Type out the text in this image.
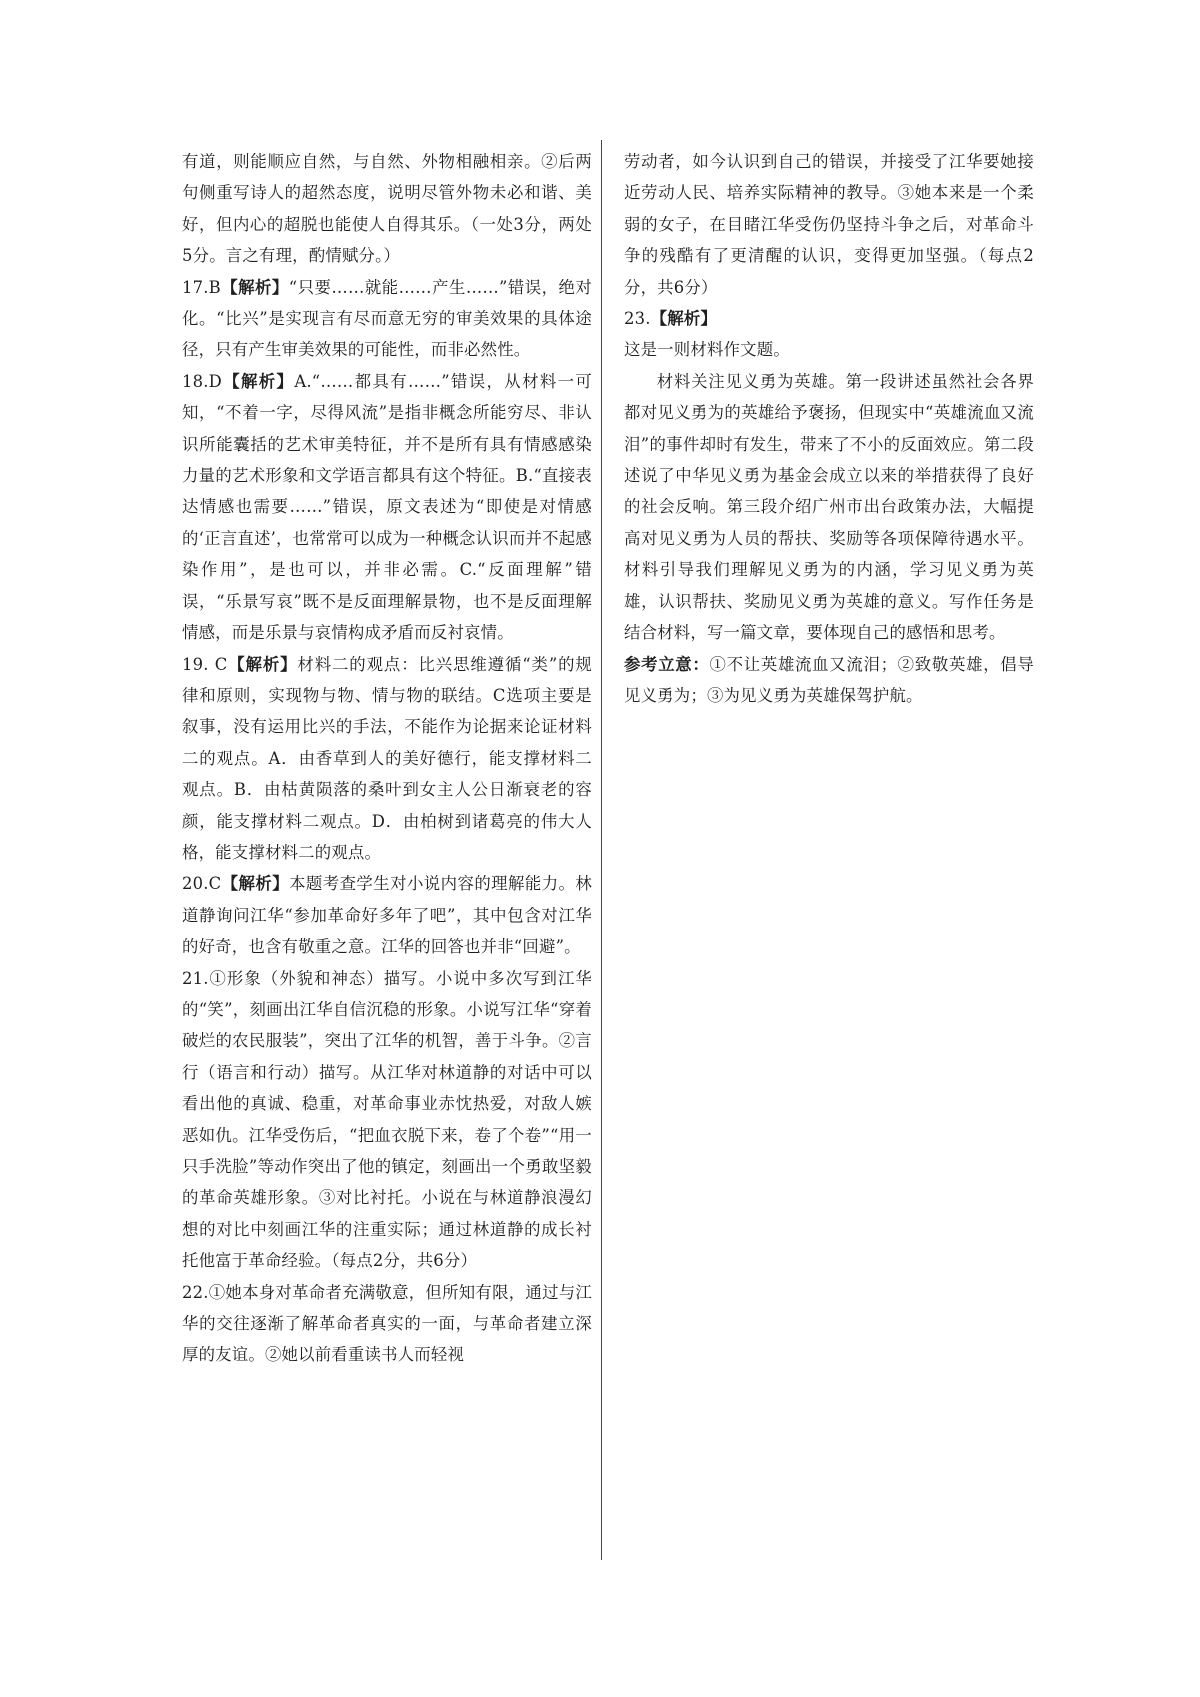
有道，则能顺应自然，与自然、外物相融相亲。②后两句侧重写诗人的超然态度，说明尽管外物未必和谐、美好，但内心的超脱也能使人自得其乐。（一处3分，两处5分。言之有理，酌情赋分。）

17.B【解析】“只要……就能……产生……”错误，绝对化。“比兴”是实现言有尽而意无穷的审美效果的具体途径，只有产生审美效果的可能性，而非必然性。

18.D【解析】A.“……都具有……”错误，从材料一可知，“不着一字，尽得风流”是指非概念所能穷尽、非认识所能囊括的艺术审美特征，并不是所有具有情感感染力量的艺术形象和文学语言都具有这个特征。B.“直接表达情感也需要……”错误，原文表述为“即使是对情感的‘正言直述’，也常常可以成为一种概念认识而并不起感染作用”，是也可以，并非必需。C.“反面理解”错误，“乐景写哀”既不是反面理解景物，也不是反面理解情感，而是乐景与哀情构成矛盾而反衬哀情。

19. C【解析】材料二的观点：比兴思维遵循“类”的规律和原则，实现物与物、情与物的联结。C选项主要是叙事，没有运用比兴的手法，不能作为论据来论证材料二的观点。A．由香草到人的美好德行，能支撑材料二观点。B．由枯黄陨落的桑叶到女主人公日渐衰老的容颜，能支撑材料二观点。D．由柏树到诸葛亮的伟大人格，能支撑材料二的观点。

20.C【解析】本题考查学生对小说内容的理解能力。林道静询问江华“参加革命好多年了吧”，其中包含对江华的好奇，也含有敬重之意。江华的回答也并非“回避”。

21.①形象（外貌和神态）描写。小说中多次写到江华的“笑”，刻画出江华自信沉稳的形象。小说写江华“穿着破烂的农民服装”，突出了江华的机智，善于斗争。②言行（语言和行动）描写。从江华对林道静的对话中可以看出他的真诚、稳重，对革命事业赤忱热爱，对敌人嫉恶如仇。江华受伤后，“把血衣脱下来，卷了个卷”“用一只手洗脸”等动作突出了他的镇定，刻画出一个勇敢坚毅的革命英雄形象。③对比衬托。小说在与林道静浪漫幻想的对比中刻画江华的注重实际；通过林道静的成长衬托他富于革命经验。（每点2分，共6分）

22.①她本身对革命者充满敬意，但所知有限，通过与江华的交往逐渐了解革命者真实的一面，与革命者建立深厚的友谊。②她以前看重读书人而轻视

劳动者，如今认识到自己的错误，并接受了江华要她接近劳动人民、培养实际精神的教导。③她本来是一个柔弱的女子，在目睹江华受伤仍坚持斗争之后，对革命斗争的残酷有了更清醒的认识，变得更加坚强。（每点2分，共6分）

23.【解析】

这是一则材料作文题。

材料关注见义勇为英雄。第一段讲述虽然社会各界都对见义勇为的英雄给予褒扬，但现实中“英雄流血又流泪”的事件却时有发生，带来了不小的反面效应。第二段述说了中华见义勇为基金会成立以来的举措获得了良好的社会反响。第三段介绍广州市出台政策办法，大幅提高对见义勇为人员的帮扶、奖励等各项保障待遇水平。材料引导我们理解见义勇为的内涵，学习见义勇为英雄，认识帮扶、奖励见义勇为英雄的意义。写作任务是结合材料，写一篇文章，要体现自己的感悟和思考。

参考立意：①不让英雄流血又流泪；②致敬英雄，倡导见义勇为；③为见义勇为英雄保驾护航。
